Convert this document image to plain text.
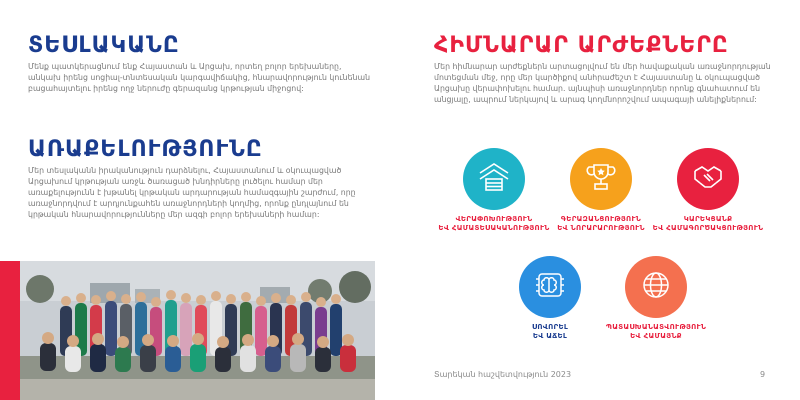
ՏԵՍԼԱԿԱՆԸ
Մենք պատկերացնում ենք Հայաստան և Արցախ, որտեղ բոլոր երեխաները, անկախ իրենց սոցիալ-տնտեսական կարգավիճակից, հնարավորություն կունենան բացահայտելու իրենց ողջ ներուժը գերազանց կրթության միջոցով:
ԱՌԱՔԵԼՈՒԹՅՈՒՆԸ
Մեր տեսլականն իրականություն դարձնելու, Հայաստանում և օկուպացված Արցախում կրթության առջև ծառացած խնդիրները լուծելու համար մեր առաքելությունն է խթանել կրթական արդարության համազգային շարժում, որը առաջնորդվում է արդյունքահեն առաջնորդների կողմից, որոնք ընդլայնում են կրթական հնարավորությունները մեր ազգի բոլոր երեխաների համար:
ՀԻՄՆԱՐԱՐ ԱՐԺԵՔՆԵՐԸ
Մեր հիմնարար արժեքներն արտացոլվում են մեր հավաքական առաջնորդության մոտեցման մեջ, որը մեր կարծիքով անհրաժեշտ է Հայաստանը և օկուպացված Արցախը վերափոխելու համար. այնպիսի առաջնորդներ որոնք գնահատում են անցյալը, ապրում ներկայով և արագ կողմնորոշվում ապագայի անելիքներում:
ՎԵՐԱՓՈԽՈՒԹՅՈՒՆ
ԵՎ ՀԱՄԱՏԵՍԱԿԱՆՈՒԹՅՈՒՆ
ԳԵՐԱԶԱՆՑՈՒԹՅՈՒՆ
ԵՎ ՆՈՐԱՐԱՐՈՒԹՅՈՒՆ
ԿԱՐԵԿՑԱՆՔ
ԵՎ ՀԱՄԱԳՈՐԾԱԿՑՈՒԹՅՈՒՆ
ՍՈՎՈՐԵԼ
ԵՎ ԱՃԵԼ
ՊԱՏԱՍԽԱՆԱՏՎՈՒԹՅՈՒՆ
ԵՎ ՀԱՄԱՅՆՔ
Տարեկան հաշվետվություն 2023	9
